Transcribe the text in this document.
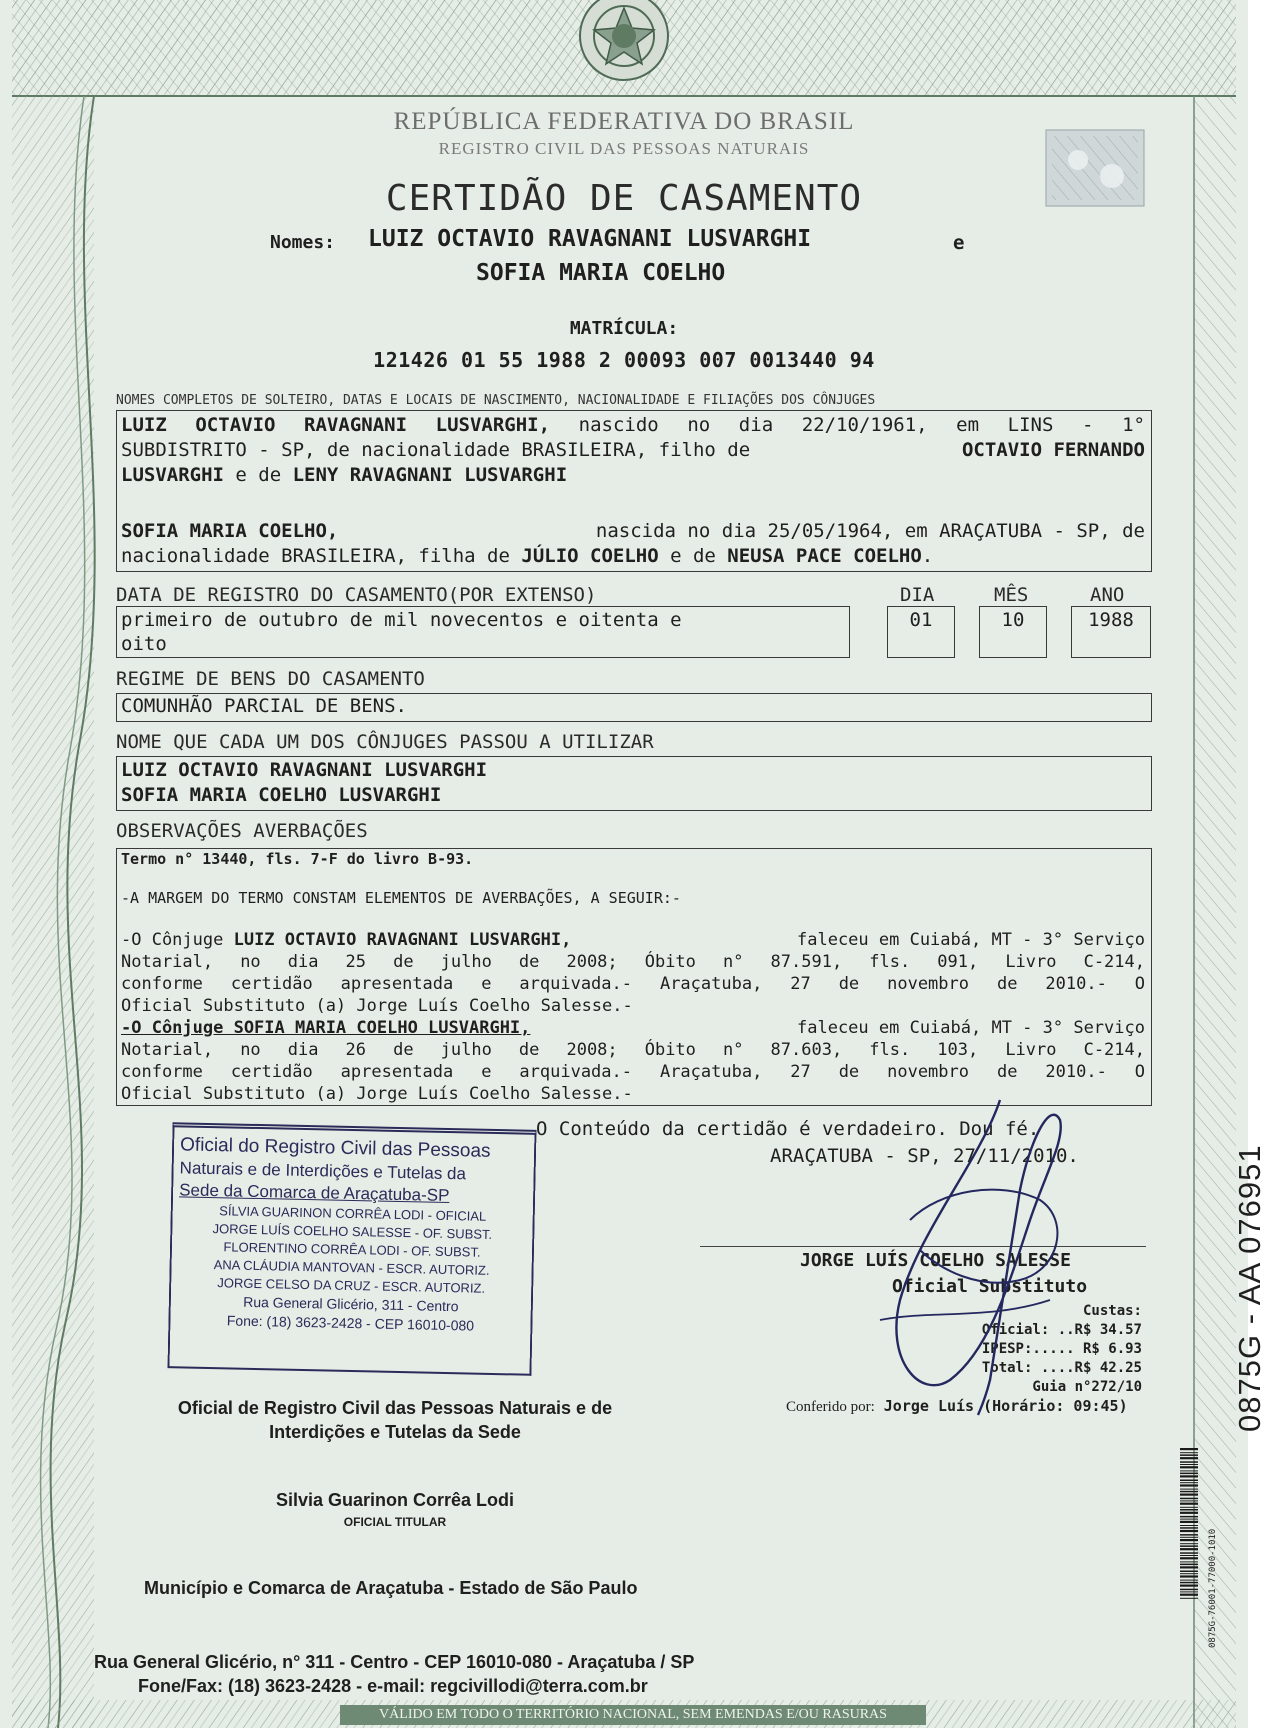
REPÚBLICA FEDERATIVA DO BRASIL
REGISTRO CIVIL DAS PESSOAS NATURAIS
CERTIDÃO DE CASAMENTO
Nomes: LUIZ OCTAVIO RAVAGNANI LUSVARGHI	e
SOFIA MARIA COELHO
MATRÍCULA:
121426 01 55 1988 2 00093 007 0013440 94
NOMES COMPLETOS DE SOLTEIRO, DATAS E LOCAIS DE NASCIMENTO, NACIONALIDADE E FILIAÇÕES DOS CÔNJUGES
LUIZ OCTAVIO RAVAGNANI LUSVARGHI, nascido no dia 22/10/1961, em LINS - 1°
SUBDISTRITO - SP, de nacionalidade BRASILEIRA, filho de	OCTAVIO FERNANDO
LUSVARGHI e de LENY RAVAGNANI LUSVARGHI
SOFIA MARIA COELHO,	nascida no dia 25/05/1964, em ARAÇATUBA - SP, de
nacionalidade BRASILEIRA, filha de JÚLIO COELHO e de NEUSA PACE COELHO.
DATA DE REGISTRO DO CASAMENTO(POR EXTENSO)	DIA	MÊS	ANO
primeiro de outubro de mil novecentos e oitenta e
oito
01	10	1988
REGIME DE BENS DO CASAMENTO
COMUNHÃO PARCIAL DE BENS.
NOME QUE CADA UM DOS CÔNJUGES PASSOU A UTILIZAR
LUIZ OCTAVIO RAVAGNANI LUSVARGHI
SOFIA MARIA COELHO LUSVARGHI
OBSERVAÇÕES AVERBAÇÕES
Termo n° 13440, fls. 7-F do livro B-93.
-A MARGEM DO TERMO CONSTAM ELEMENTOS DE AVERBAÇÕES, A SEGUIR:-
-O Cônjuge LUIZ OCTAVIO RAVAGNANI LUSVARGHI,	faleceu em Cuiabá, MT - 3° Serviço
Notarial, no dia 25 de julho de 2008; Óbito n° 87.591, fls. 091, Livro C-214,
conforme certidão apresentada e arquivada.- Araçatuba, 27 de novembro de 2010.- O
Oficial Substituto (a) Jorge Luís Coelho Salesse.-
-O Cônjuge SOFIA MARIA COELHO LUSVARGHI,	faleceu em Cuiabá, MT - 3° Serviço
Notarial, no dia 26 de julho de 2008; Óbito n° 87.603, fls. 103, Livro C-214,
conforme certidão apresentada e arquivada.- Araçatuba, 27 de novembro de 2010.- O
Oficial Substituto (a) Jorge Luís Coelho Salesse.-
O Conteúdo da certidão é verdadeiro. Dou fé.
ARAÇATUBA - SP, 27/11/2010.
Oficial do Registro Civil das Pessoas
Naturais e de Interdições e Tutelas da
Sede da Comarca de Araçatuba-SP
SÍLVIA GUARINON CORRÊA LODI - OFICIAL
JORGE LUÍS COELHO SALESSE - OF. SUBST.
FLORENTINO CORRÊA LODI - OF. SUBST.
ANA CLÁUDIA MANTOVAN - ESCR. AUTORIZ.
JORGE CELSO DA CRUZ - ESCR. AUTORIZ.
Rua General Glicério, 311 - Centro
Fone: (18) 3623-2428 - CEP 16010-080
JORGE LUÍS COELHO SALESSE
Oficial Substituto
Custas:
Oficial: ..R$ 34.57
IPESP:..... R$ 6.93
Total: ....R$ 42.25
Guia n°272/10
Conferido por: Jorge Luís (Horário: 09:45)
Oficial de Registro Civil das Pessoas Naturais e de
Interdições e Tutelas da Sede
Silvia Guarinon Corrêa Lodi
OFICIAL TITULAR
Município e Comarca de Araçatuba - Estado de São Paulo
Rua General Glicério, n° 311 - Centro - CEP 16010-080 - Araçatuba / SP
Fone/Fax: (18) 3623-2428 - e-mail: regcivillodi@terra.com.br
VÁLIDO EM TODO O TERRITÓRIO NACIONAL, SEM EMENDAS E/OU RASURAS
0875G - AA 076951
0875G-76001-77000-1010
